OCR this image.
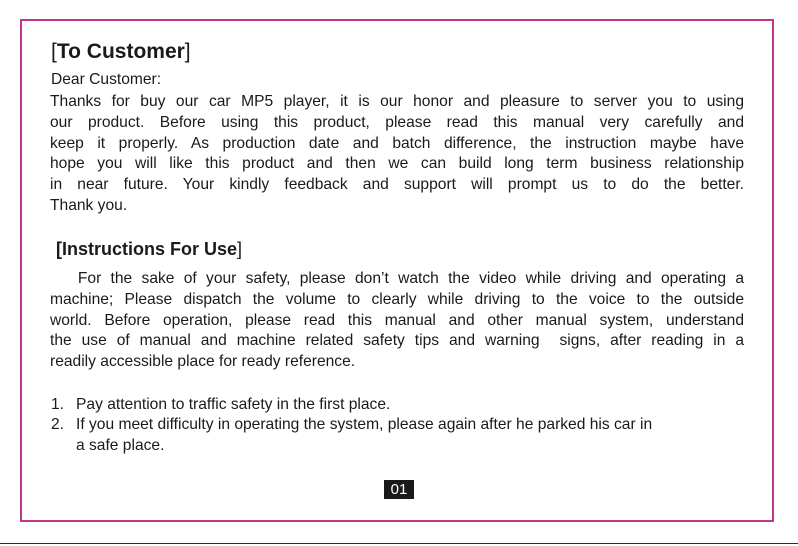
[To Customer]
Dear Customer:
Thanks for buy our car MP5 player, it is our honor and pleasure to server you to using
our product. Before using this product, please read this manual very carefully and
keep it properly. As production date and batch difference, the instruction maybe have
hope you will like this product and then we can build long term business relationship
in near future. Your kindly feedback and support will prompt us to do the better.
Thank you.
[Instructions For Use]
For the sake of your safety, please don’t watch the video while driving and operating a
machine; Please dispatch the volume to clearly while driving to the voice to the outside
world. Before operation, please read this manual and other manual system, understand
the use of manual and machine related safety tips and warning  signs, after reading in a
readily accessible place for ready reference.
1. Pay attention to traffic safety in the first place.
2. If you meet difficulty in operating the system, please again after he parked his car in
a safe place.
01
